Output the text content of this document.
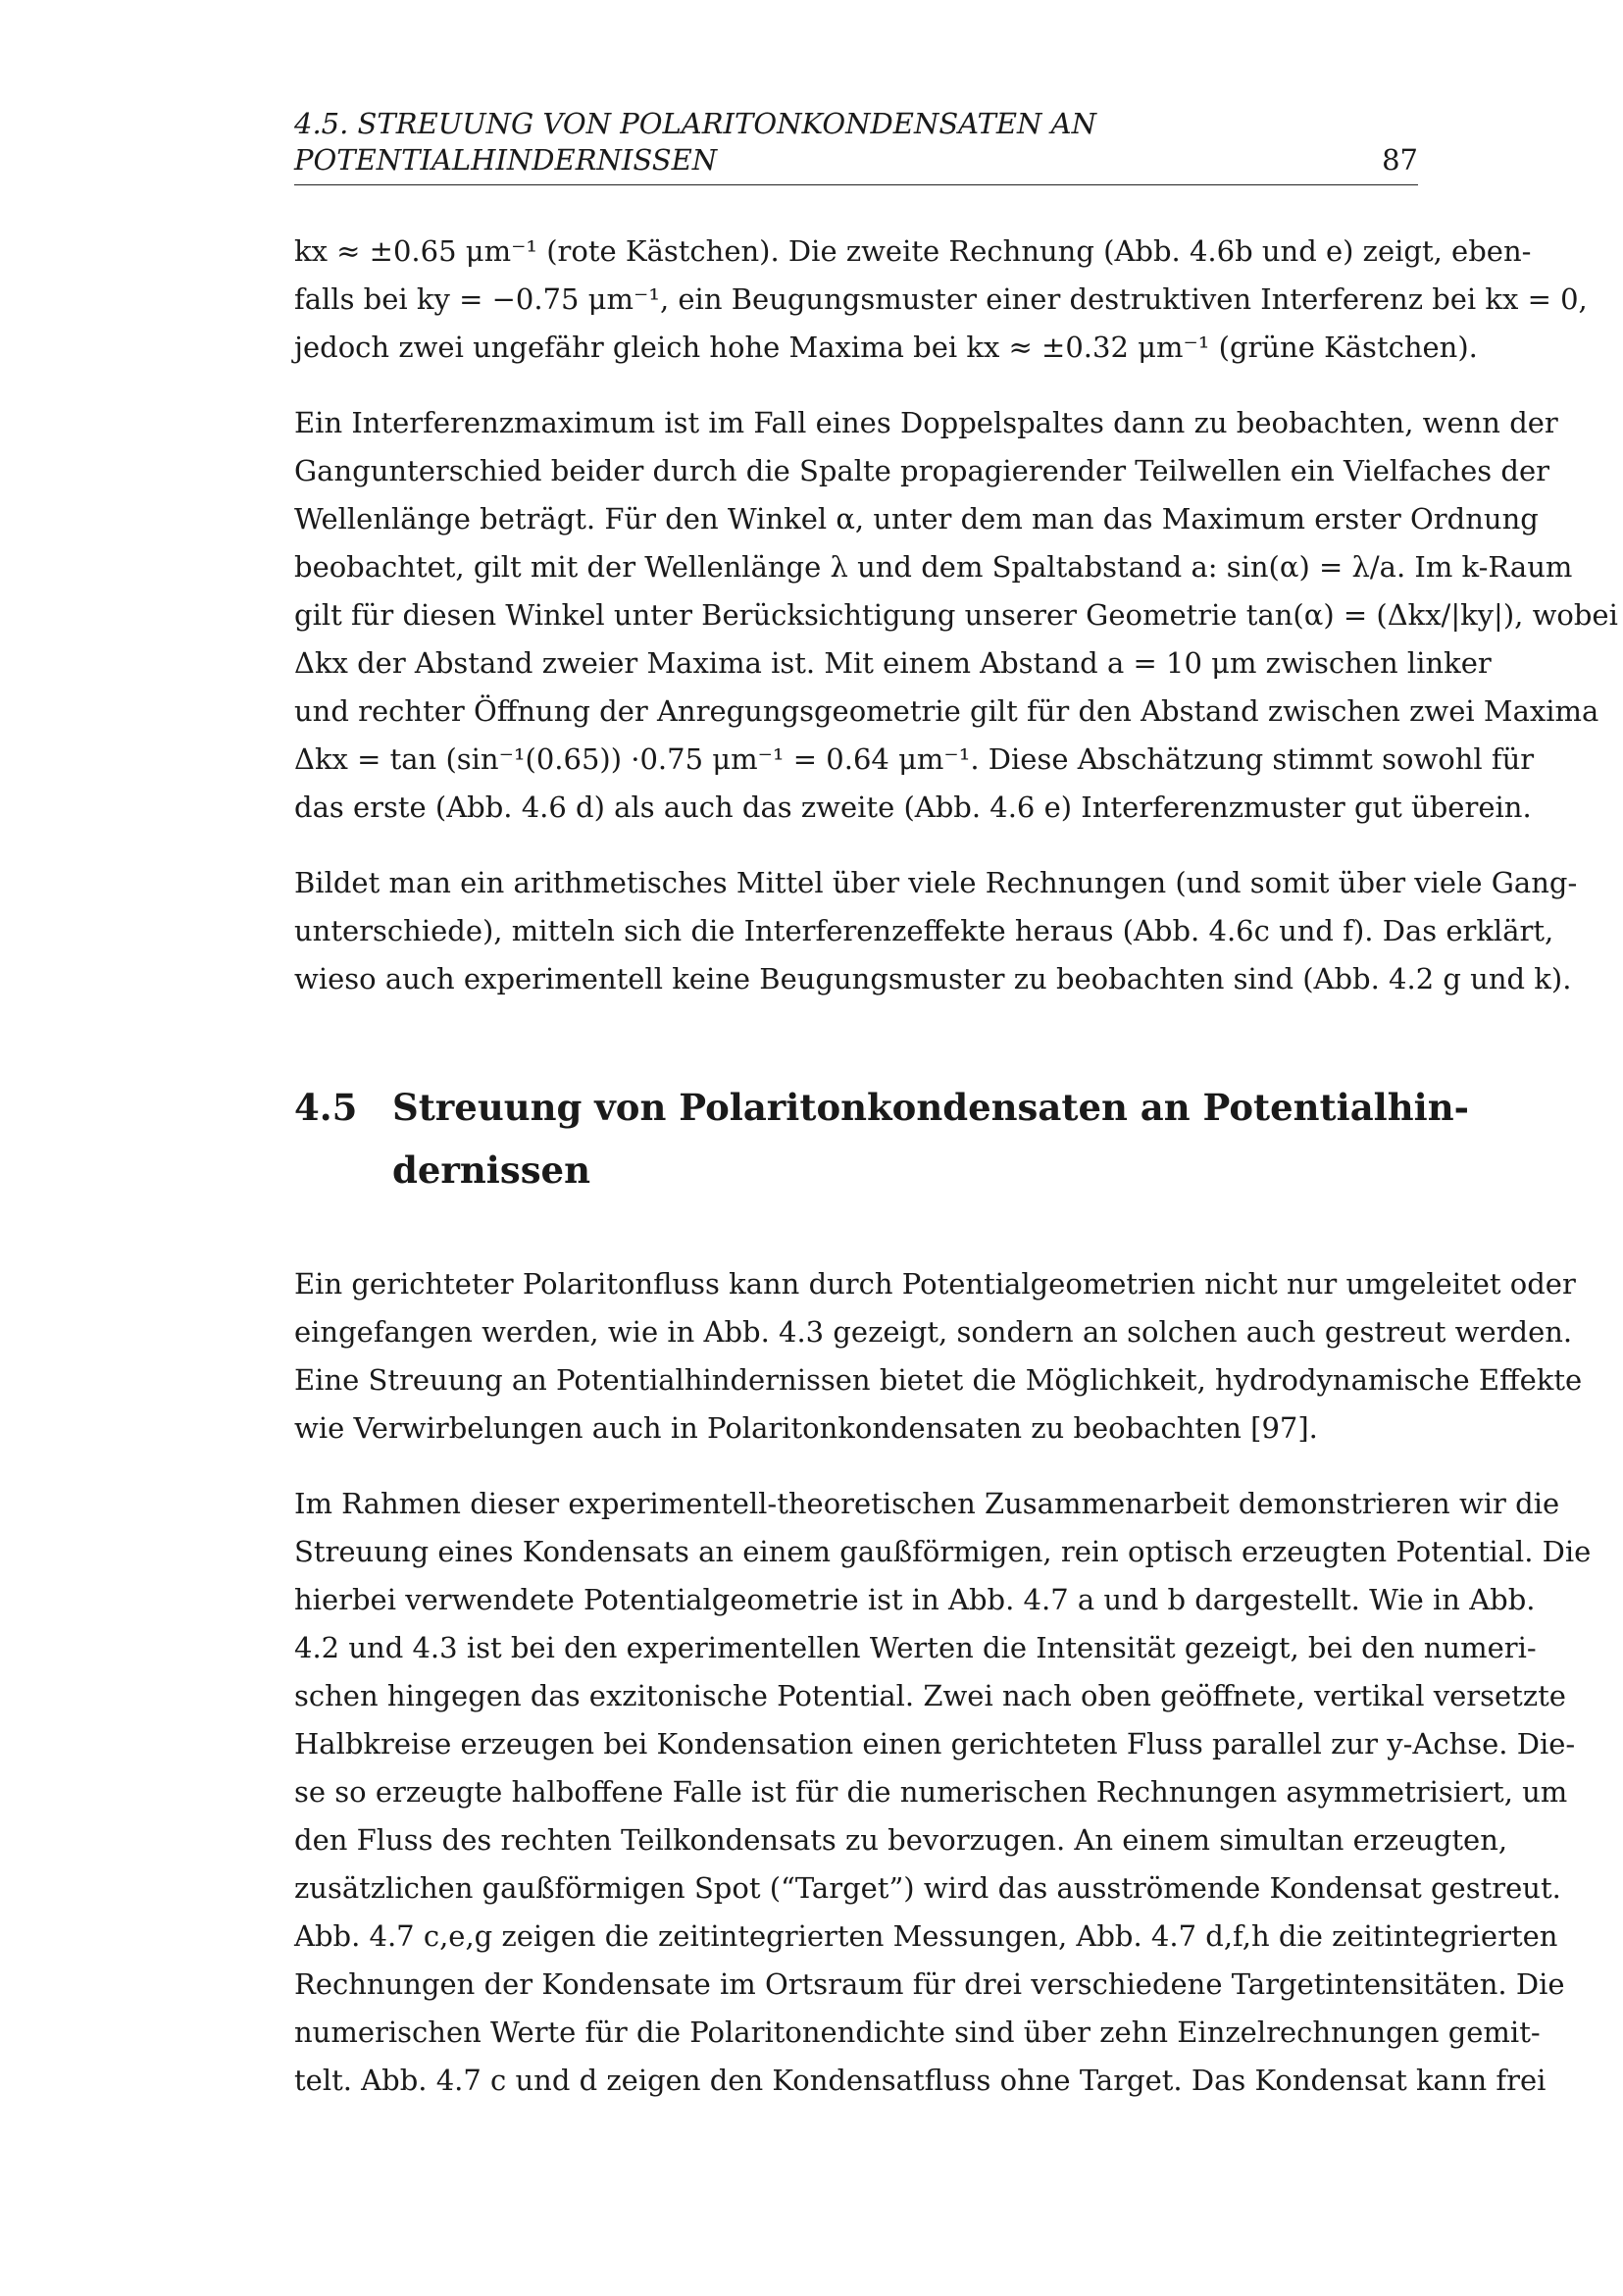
4.5. STREUUNG VON POLARITONKONDENSATEN AN
POTENTIALHINDERNISSEN	87

kx ≈ ±0.65 μm⁻¹ (rote Kästchen). Die zweite Rechnung (Abb. 4.6b und e) zeigt, eben-
falls bei ky = −0.75 μm⁻¹, ein Beugungsmuster einer destruktiven Interferenz bei kx = 0,
jedoch zwei ungefähr gleich hohe Maxima bei kx ≈ ±0.32 μm⁻¹ (grüne Kästchen).

Ein Interferenzmaximum ist im Fall eines Doppelspaltes dann zu beobachten, wenn der
Gangunterschied beider durch die Spalte propagierender Teilwellen ein Vielfaches der
Wellenlänge beträgt. Für den Winkel α, unter dem man das Maximum erster Ordnung
beobachtet, gilt mit der Wellenlänge λ und dem Spaltabstand a: sin(α) = λ/a. Im k-Raum
gilt für diesen Winkel unter Berücksichtigung unserer Geometrie tan(α) = (Δkx/|ky|), wobei
Δkx der Abstand zweier Maxima ist. Mit einem Abstand a = 10 μm zwischen linker
und rechter Öffnung der Anregungsgeometrie gilt für den Abstand zwischen zwei Maxima
Δkx = tan (sin⁻¹(0.65)) ·0.75 μm⁻¹ = 0.64 μm⁻¹. Diese Abschätzung stimmt sowohl für
das erste (Abb. 4.6 d) als auch das zweite (Abb. 4.6 e) Interferenzmuster gut überein.

Bildet man ein arithmetisches Mittel über viele Rechnungen (und somit über viele Gang-
unterschiede), mitteln sich die Interferenzeffekte heraus (Abb. 4.6c und f). Das erklärt,
wieso auch experimentell keine Beugungsmuster zu beobachten sind (Abb. 4.2 g und k).

4.5 Streuung von Polaritonkondensaten an Potentialhin-
dernissen

Ein gerichteter Polaritonfluss kann durch Potentialgeometrien nicht nur umgeleitet oder
eingefangen werden, wie in Abb. 4.3 gezeigt, sondern an solchen auch gestreut werden.
Eine Streuung an Potentialhindernissen bietet die Möglichkeit, hydrodynamische Effekte
wie Verwirbelungen auch in Polaritonkondensaten zu beobachten [97].

Im Rahmen dieser experimentell-theoretischen Zusammenarbeit demonstrieren wir die
Streuung eines Kondensats an einem gaußförmigen, rein optisch erzeugten Potential. Die
hierbei verwendete Potentialgeometrie ist in Abb. 4.7 a und b dargestellt. Wie in Abb.
4.2 und 4.3 ist bei den experimentellen Werten die Intensität gezeigt, bei den numeri-
schen hingegen das exzitonische Potential. Zwei nach oben geöffnete, vertikal versetzte
Halbkreise erzeugen bei Kondensation einen gerichteten Fluss parallel zur y-Achse. Die-
se so erzeugte halboffene Falle ist für die numerischen Rechnungen asymmetrisiert, um
den Fluss des rechten Teilkondensats zu bevorzugen. An einem simultan erzeugten,
zusätzlichen gaußförmigen Spot (“Target”) wird das ausströmende Kondensat gestreut.
Abb. 4.7 c,e,g zeigen die zeitintegrierten Messungen, Abb. 4.7 d,f,h die zeitintegrierten
Rechnungen der Kondensate im Ortsraum für drei verschiedene Targetintensitäten. Die
numerischen Werte für die Polaritonendichte sind über zehn Einzelrechnungen gemit-
telt. Abb. 4.7 c und d zeigen den Kondensatfluss ohne Target. Das Kondensat kann frei
